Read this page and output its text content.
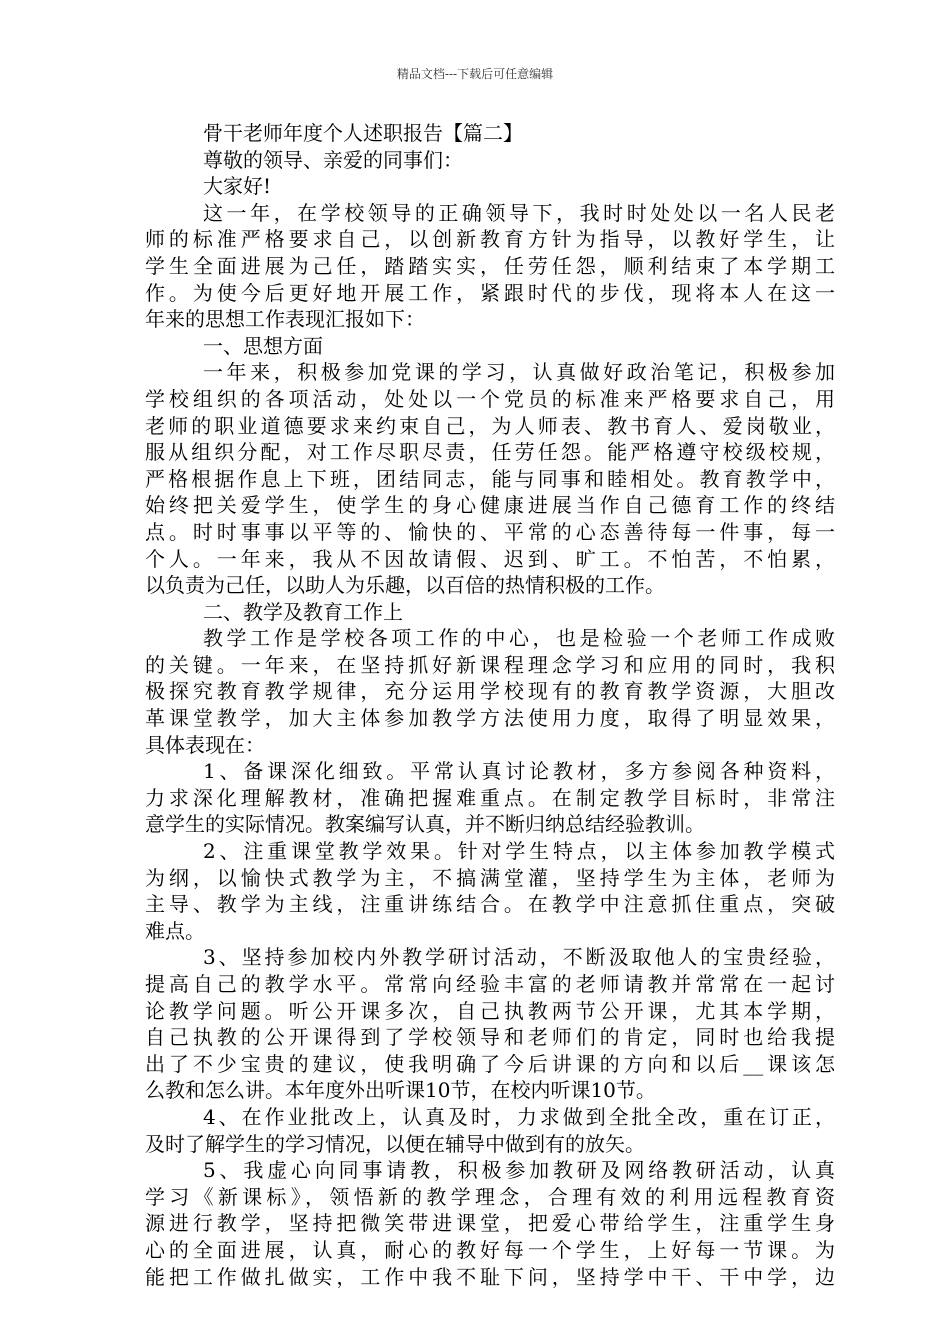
精品文档---下载后可任意编辑
骨干老师年度个人述职报告【篇二】
尊敬的领导、亲爱的同事们：
大家好!
这一年，在学校领导的正确领导下，我时时处处以一名人民老
师的标准严格要求自己，以创新教育方针为指导，以教好学生，让
学生全面进展为己任，踏踏实实，任劳任怨，顺利结束了本学期工
作。为使今后更好地开展工作，紧跟时代的步伐，现将本人在这一
年来的思想工作表现汇报如下：
一、思想方面
一年来，积极参加党课的学习，认真做好政治笔记，积极参加
学校组织的各项活动，处处以一个党员的标准来严格要求自己，用
老师的职业道德要求来约束自己，为人师表、教书育人、爱岗敬业，
服从组织分配，对工作尽职尽责，任劳任怨。能严格遵守校级校规，
严格根据作息上下班，团结同志，能与同事和睦相处。教育教学中，
始终把关爱学生，使学生的身心健康进展当作自己德育工作的终结
点。时时事事以平等的、愉快的、平常的心态善待每一件事，每一
个人。一年来，我从不因故请假、迟到、旷工。不怕苦，不怕累，
以负责为己任，以助人为乐趣，以百倍的热情积极的工作。
二、教学及教育工作上
教学工作是学校各项工作的中心，也是检验一个老师工作成败
的关键。一年来，在坚持抓好新课程理念学习和应用的同时，我积
极探究教育教学规律，充分运用学校现有的教育教学资源，大胆改
革课堂教学，加大主体参加教学方法使用力度，取得了明显效果，
具体表现在：
1、备课深化细致。平常认真讨论教材，多方参阅各种资料，
力求深化理解教材，准确把握难重点。在制定教学目标时，非常注
意学生的实际情况。教案编写认真，并不断归纳总结经验教训。
2、注重课堂教学效果。针对学生特点，以主体参加教学模式
为纲，以愉快式教学为主，不搞满堂灌，坚持学生为主体，老师为
主导、教学为主线，注重讲练结合。在教学中注意抓住重点，突破
难点。
3、坚持参加校内外教学研讨活动，不断汲取他人的宝贵经验，
提高自己的教学水平。常常向经验丰富的老师请教并常常在一起讨
论教学问题。听公开课多次，自己执教两节公开课，尤其本学期，
自己执教的公开课得到了学校领导和老师们的肯定，同时也给我提
出了不少宝贵的建议，使我明确了今后讲课的方向和以后__课该怎
么教和怎么讲。本年度外出听课10节，在校内听课10节。
4、在作业批改上，认真及时，力求做到全批全改，重在订正，
及时了解学生的学习情况，以便在辅导中做到有的放矢。
5、我虚心向同事请教，积极参加教研及网络教研活动，认真
学习《新课标》，领悟新的教学理念，合理有效的利用远程教育资
源进行教学，坚持把微笑带进课堂，把爱心带给学生，注重学生身
心的全面进展，认真，耐心的教好每一个学生，上好每一节课。为
能把工作做扎做实，工作中我不耻下问，坚持学中干、干中学，边
